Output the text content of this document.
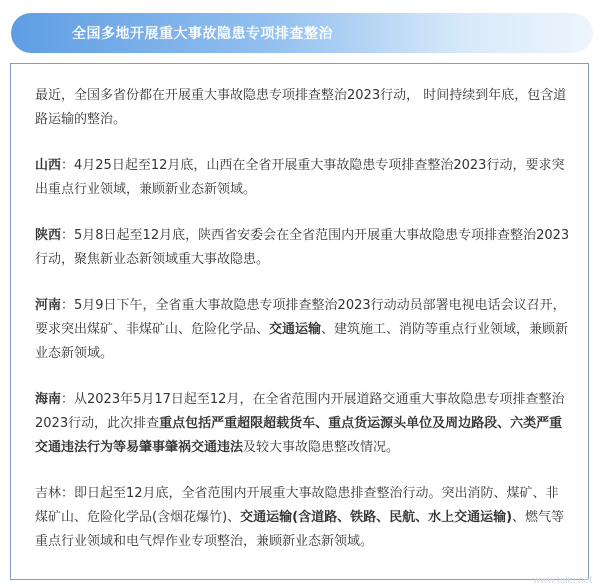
全国多地开展重大事故隐患专项排查整治

最近，全国多省份都在开展重大事故隐患专项排查整治2023行动， 时间持续到年底，包含道路运输的整治。

山西：4月25日起至12月底，山西在全省开展重大事故隐患专项排查整治2023行动，要求突出重点行业领域，兼顾新业态新领域。

陕西：5月8日起至12月底，陕西省安委会在全省范围内开展重大事故隐患专项排查整治2023行动，聚焦新业态新领域重大事故隐患。

河南：5月9日下午，全省重大事故隐患专项排查整治2023行动动员部署电视电话会议召开，要求突出煤矿、非煤矿山、危险化学品、交通运输、建筑施工、消防等重点行业领域，兼顾新业态新领域。

海南：从2023年5月17日起至12月，在全省范围内开展道路交通重大事故隐患专项排查整治2023行动，此次排查重点包括严重超限超载货车、重点货运源头单位及周边路段、六类严重交通违法行为等易肇事肇祸交通违法及较大事故隐患整改情况。

吉林：即日起至12月底，全省范围内开展重大事故隐患排查整治行动。突出消防、煤矿、非煤矿山、危险化学品(含烟花爆竹)、交通运输(含道路、铁路、民航、水上交通运输)、燃气等重点行业领域和电气焊作业专项整治，兼顾新业态新领域。

www.tuliu.net
